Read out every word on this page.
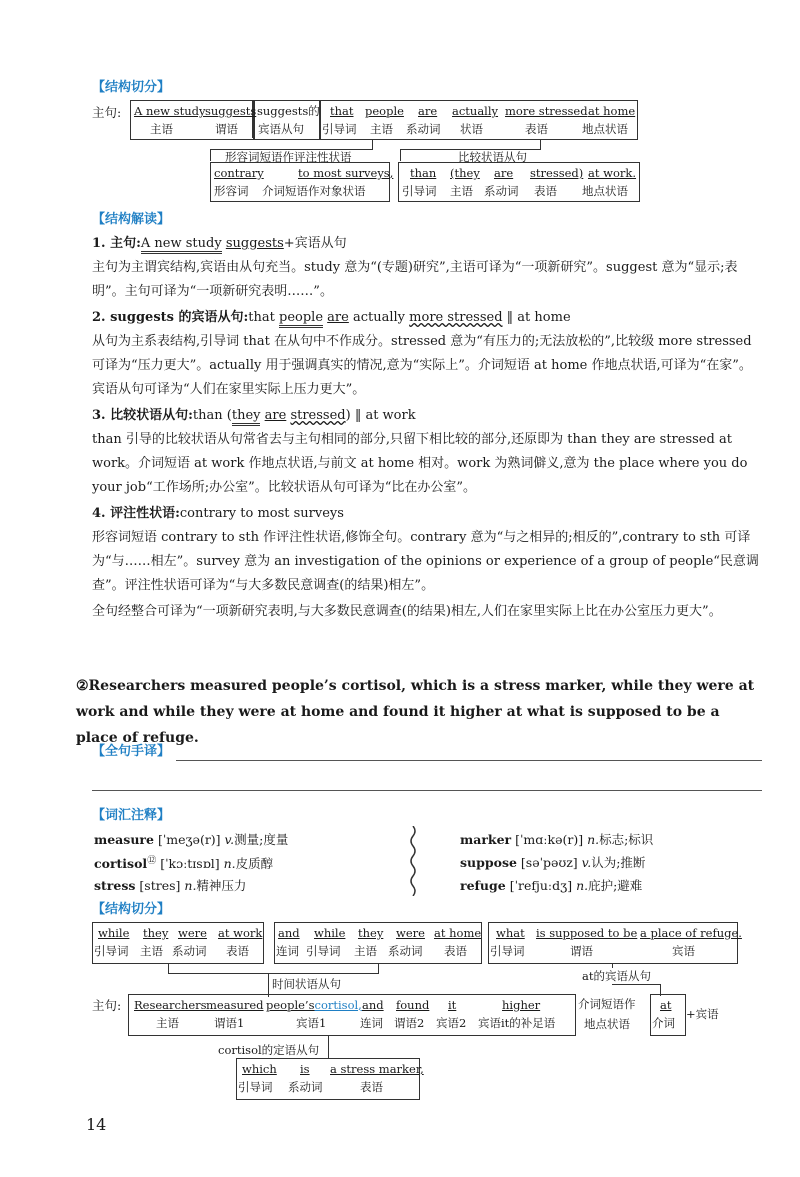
【结构切分】
主句: A new study
主语
suggests
谓语
suggests的
宾语从句
that
引导词
people
主语
are
系动词
actually
状语
more stressed
表语
at home
地点状语
形容词短语作评注性状语	比较状语从句
contrary
形容词
to most surveys,
介词短语作对象状语
than
引导词
(they
主语
are
系动词
stressed)
表语
at work.
地点状语
【结构解读】
1. 主句:A new study suggests+宾语从句
主句为主谓宾结构,宾语由从句充当。study 意为“(专题)研究”,主语可译为“一项新研究”。suggest 意为“显示;表明”。主句可译为“一项新研究表明……”。
2. suggests 的宾语从句:that people are actually more stressed ‖ at home
从句为主系表结构,引导词 that 在从句中不作成分。stressed 意为“有压力的;无法放松的”,比较级 more stressed 可译为“压力更大”。actually 用于强调真实的情况,意为“实际上”。介词短语 at home 作地点状语,可译为“在家”。宾语从句可译为“人们在家里实际上压力更大”。
3. 比较状语从句:than (they are stressed) ‖ at work
than 引导的比较状语从句常省去与主句相同的部分,只留下相比较的部分,还原即为 than they are stressed at work。介词短语 at work 作地点状语,与前文 at home 相对。work 为熟词僻义,意为 the place where you do your job“工作场所;办公室”。比较状语从句可译为“比在办公室”。
4. 评注性状语:contrary to most surveys
形容词短语 contrary to sth 作评注性状语,修饰全句。contrary 意为“与之相异的;相反的”,contrary to sth 可译为“与……相左”。survey 意为 an investigation of the opinions or experience of a group of people“民意调查”。评注性状语可译为“与大多数民意调查(的结果)相左”。
全句经整合可译为“一项新研究表明,与大多数民意调查(的结果)相左,人们在家里实际上比在办公室压力更大”。
②Researchers measured people’s cortisol, which is a stress marker, while they were at work and while they were at home and found it higher at what is supposed to be a place of refuge.
【全句手译】
【词汇注释】
measure [ˈmeʒə(r)] v.测量;度量
cortisol⑫ [ˈkɔːtɪsɒl] n.皮质醇
stress [stres] n.精神压力
marker [ˈmɑːkə(r)] n.标志;标识
suppose [səˈpəʊz] v.认为;推断
refuge [ˈrefjuːdʒ] n.庇护;避难
【结构切分】
while
引导词
they
主语
were
系动词
at work
表语
and
连词
while
引导词
they
主语
were
系动词
at home
表语
what
引导词
is supposed to be
谓语
a place of refuge.
宾语
时间状语从句
at的宾语从句
主句: Researchers
主语
measured
谓语1
people’scortisol,
宾语1
and
连词
found
谓语2
it
宾语2
higher
宾语it的补足语
介词短语作
地点状语
at
介词
+宾语
cortisol的定语从句
which
引导词
is
系动词
a stress marker,
表语
14
